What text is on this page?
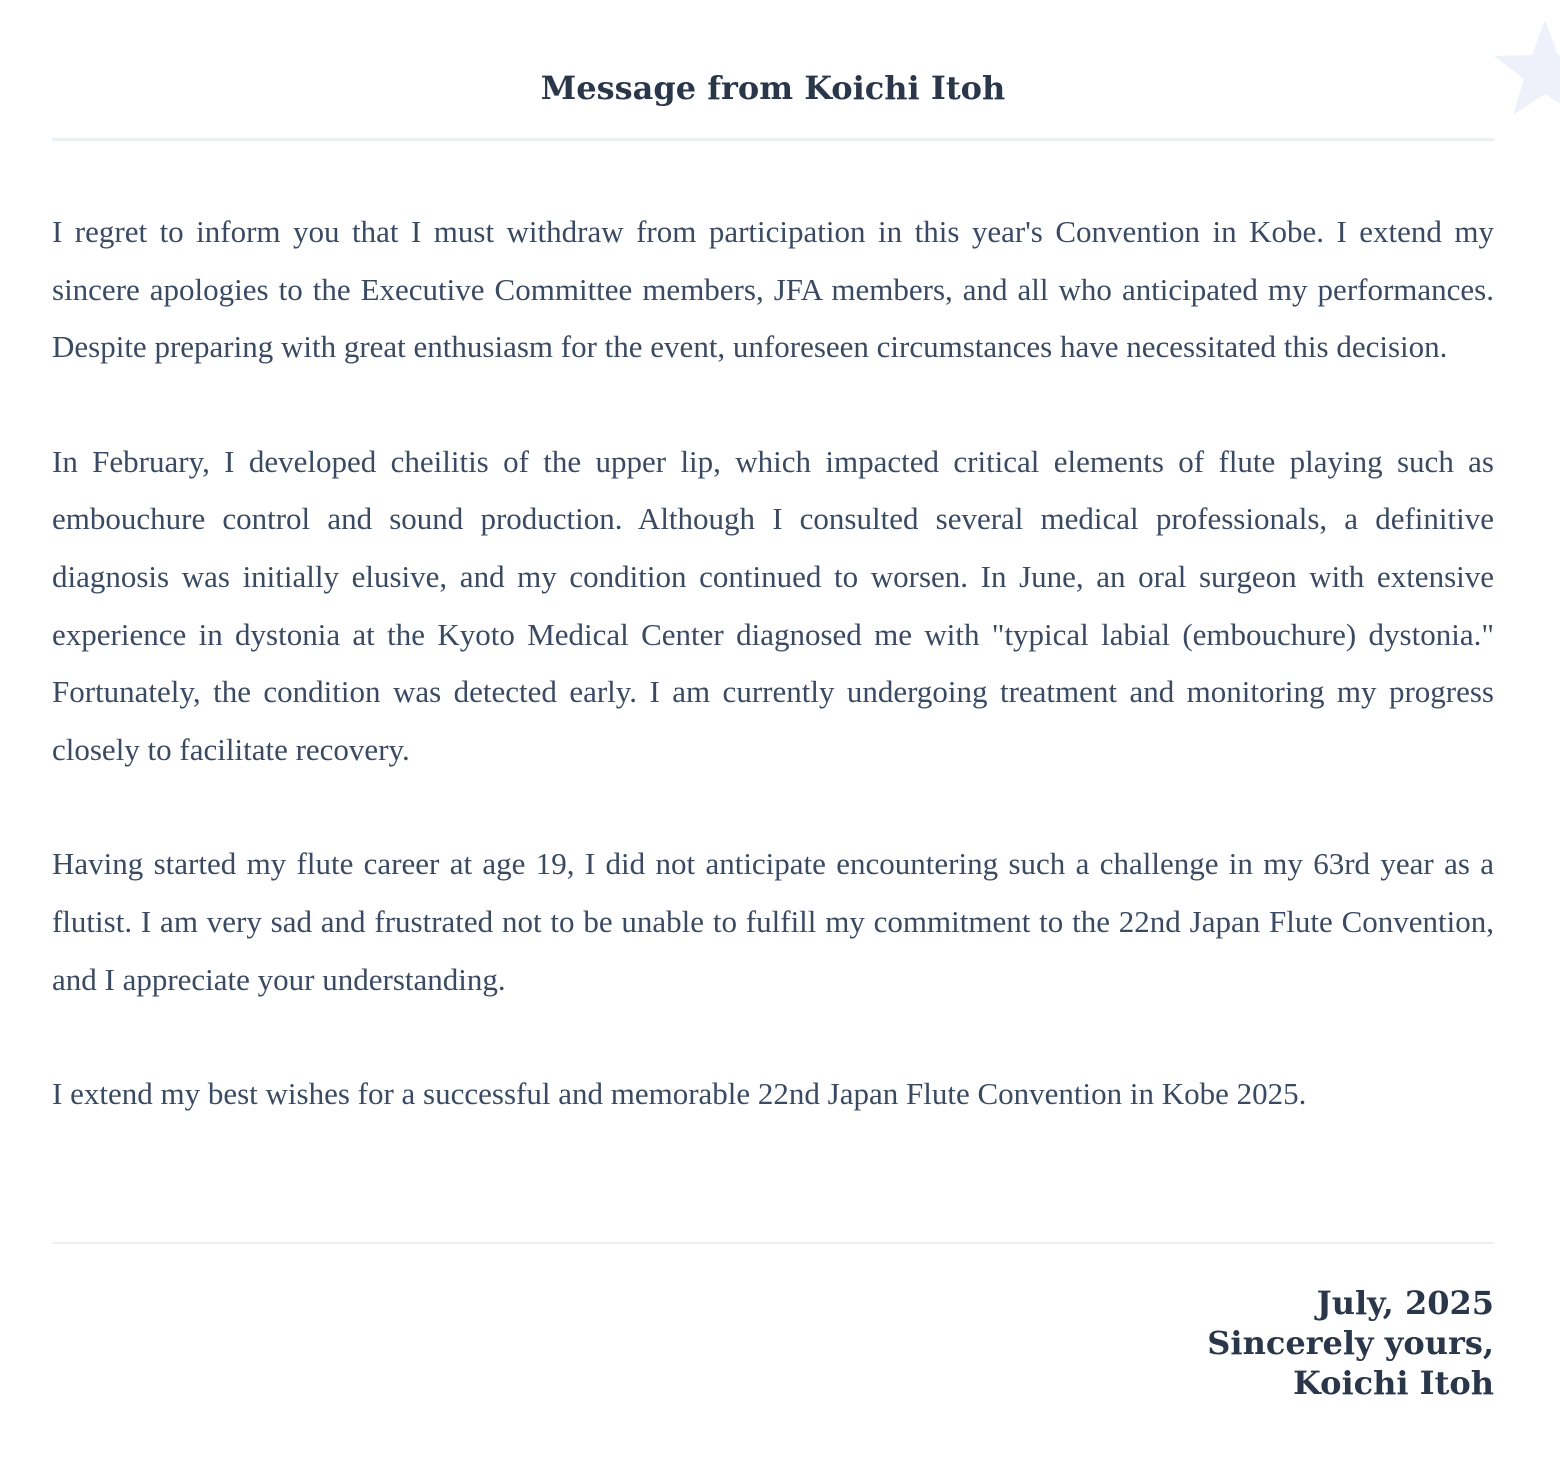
Message from Koichi Itoh

I regret to inform you that I must withdraw from participation in this year's Convention in Kobe. I extend my sincere apologies to the Executive Committee members, JFA members, and all who anticipated my performances. Despite preparing with great enthusiasm for the event, unforeseen circumstances have necessitated this decision.

In February, I developed cheilitis of the upper lip, which impacted critical elements of flute playing such as embouchure control and sound production. Although I consulted several medical professionals, a definitive diagnosis was initially elusive, and my condition continued to worsen. In June, an oral surgeon with extensive experience in dystonia at the Kyoto Medical Center diagnosed me with "typical labial (embouchure) dystonia." Fortunately, the condition was detected early. I am currently undergoing treatment and monitoring my progress closely to facilitate recovery.

Having started my flute career at age 19, I did not anticipate encountering such a challenge in my 63rd year as a flutist. I am very sad and frustrated not to be unable to fulfill my commitment to the 22nd Japan Flute Convention, and I appreciate your understanding.

I extend my best wishes for a successful and memorable 22nd Japan Flute Convention in Kobe 2025.

July, 2025
Sincerely yours,
Koichi Itoh
